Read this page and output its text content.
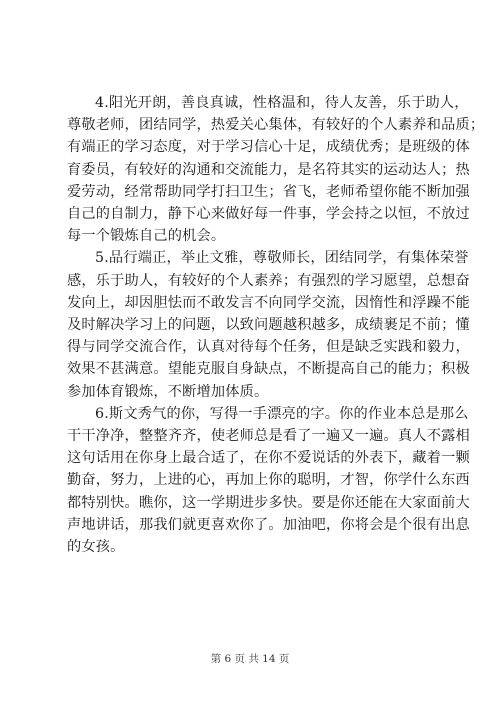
4.阳光开朗，善良真诚，性格温和，待人友善，乐于助人，
尊敬老师，团结同学，热爱关心集体，有较好的个人素养和品质；
有端正的学习态度，对于学习信心十足，成绩优秀；是班级的体
育委员，有较好的沟通和交流能力，是名符其实的运动达人；热
爱劳动，经常帮助同学打扫卫生；省飞，老师希望你能不断加强
自己的自制力，静下心来做好每一件事，学会持之以恒，不放过
每一个锻炼自己的机会。

5.品行端正，举止文雅，尊敬师长，团结同学，有集体荣誉
感，乐于助人，有较好的个人素养；有强烈的学习愿望，总想奋
发向上，却因胆怯而不敢发言不向同学交流，因惰性和浮躁不能
及时解决学习上的问题，以致问题越积越多，成绩裹足不前；懂
得与同学交流合作，认真对待每个任务，但是缺乏实践和毅力，
效果不甚满意。望能克服自身缺点，不断提高自己的能力；积极
参加体育锻炼，不断增加体质。

6.斯文秀气的你，写得一手漂亮的字。你的作业本总是那么
干干净净，整整齐齐，使老师总是看了一遍又一遍。真人不露相
这句话用在你身上最合适了，在你不爱说话的外表下，藏着一颗
勤奋，努力，上进的心，再加上你的聪明，才智，你学什么东西
都特别快。瞧你，这一学期进步多快。要是你还能在大家面前大
声地讲话，那我们就更喜欢你了。加油吧，你将会是个很有出息
的女孩。

第 6 页 共 14 页
